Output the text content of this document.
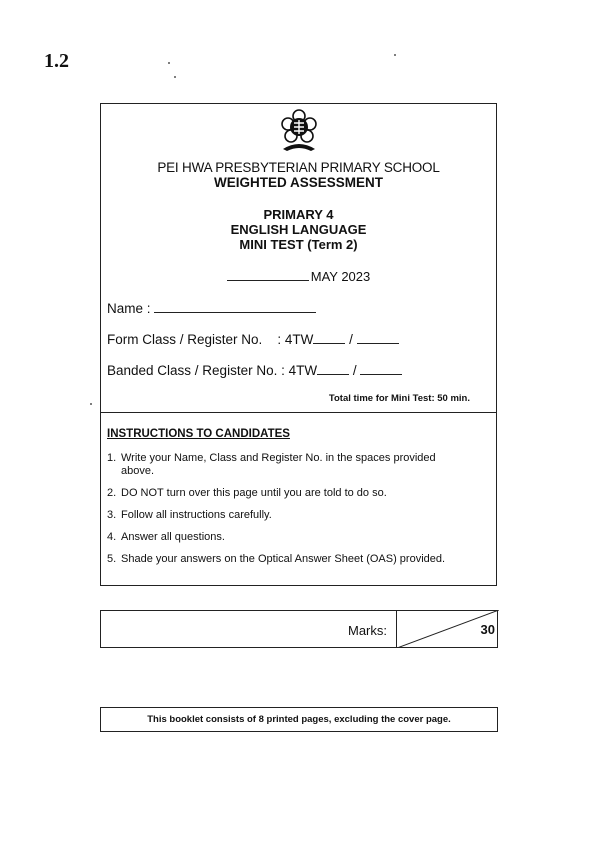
1.2
PEI HWA PRESBYTERIAN PRIMARY SCHOOL
WEIGHTED ASSESSMENT
PRIMARY 4
ENGLISH LANGUAGE
MINI TEST (Term 2)
MAY 2023
Name :
Form Class / Register No. : 4TW	/
Banded Class / Register No. : 4TW	/
Total time for Mini Test: 50 min.
INSTRUCTIONS TO CANDIDATES
1. Write your Name, Class and Register No. in the spaces provided above.
2. DO NOT turn over this page until you are told to do so.
3. Follow all instructions carefully.
4. Answer all questions.
5. Shade your answers on the Optical Answer Sheet (OAS) provided.
Marks:	30
This booklet consists of 8 printed pages, excluding the cover page.
